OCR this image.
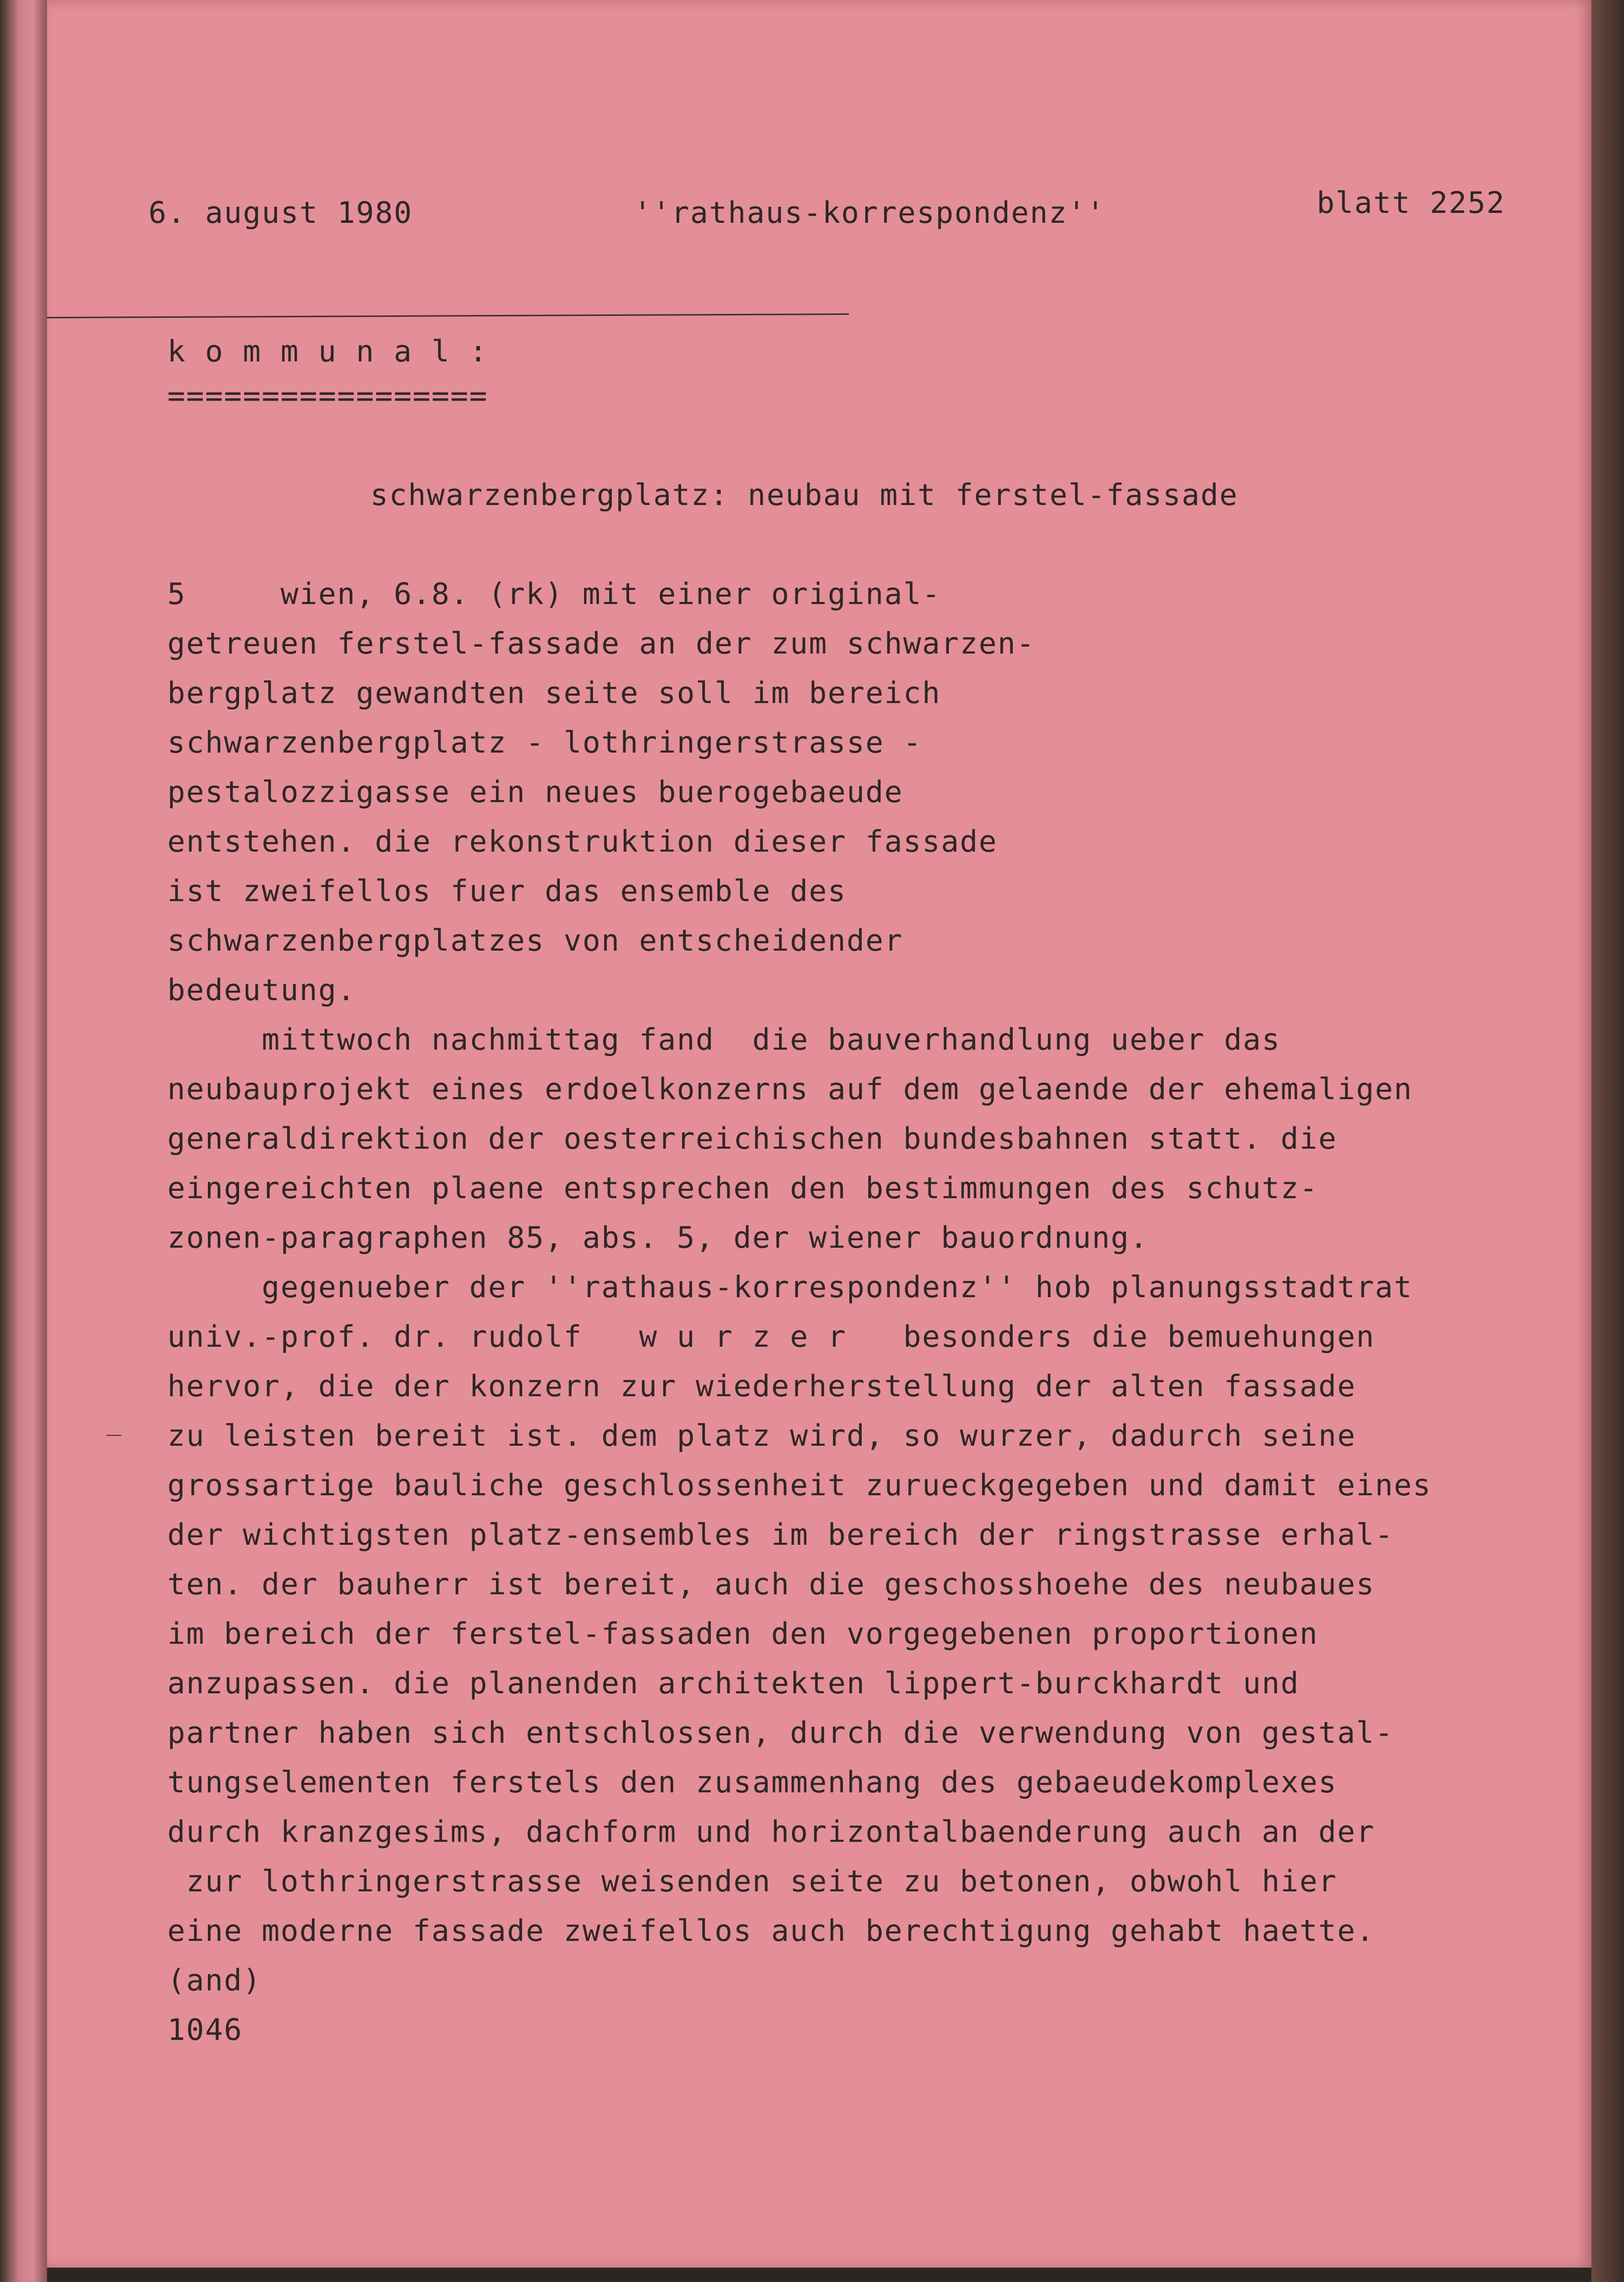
6. august 1980	''rathaus-korrespondenz''	blatt 2252
k o m m u n a l :
=================
schwarzenbergplatz: neubau mit ferstel-fassade
5     wien, 6.8. (rk) mit einer original-
getreuen ferstel-fassade an der zum schwarzen-
bergplatz gewandten seite soll im bereich
schwarzenbergplatz - lothringerstrasse -
pestalozzigasse ein neues buerogebaeude
entstehen. die rekonstruktion dieser fassade
ist zweifellos fuer das ensemble des
schwarzenbergplatzes von entscheidender
bedeutung.
mittwoch nachmittag fand  die bauverhandlung ueber das
neubauprojekt eines erdoelkonzerns auf dem gelaende der ehemaligen
generaldirektion der oesterreichischen bundesbahnen statt. die
eingereichten plaene entsprechen den bestimmungen des schutz-
zonen-paragraphen 85, abs. 5, der wiener bauordnung.
gegenueber der ''rathaus-korrespondenz'' hob planungsstadtrat
univ.-prof. dr. rudolf   w u r z e r   besonders die bemuehungen
hervor, die der konzern zur wiederherstellung der alten fassade
zu leisten bereit ist. dem platz wird, so wurzer, dadurch seine
grossartige bauliche geschlossenheit zurueckgegeben und damit eines
der wichtigsten platz-ensembles im bereich der ringstrasse erhal-
ten. der bauherr ist bereit, auch die geschosshoehe des neubaues
im bereich der ferstel-fassaden den vorgegebenen proportionen
anzupassen. die planenden architekten lippert-burckhardt und
partner haben sich entschlossen, durch die verwendung von gestal-
tungselementen ferstels den zusammenhang des gebaeudekomplexes
durch kranzgesims, dachform und horizontalbaenderung auch an der
zur lothringerstrasse weisenden seite zu betonen, obwohl hier
eine moderne fassade zweifellos auch berechtigung gehabt haette.
(and)
1046
